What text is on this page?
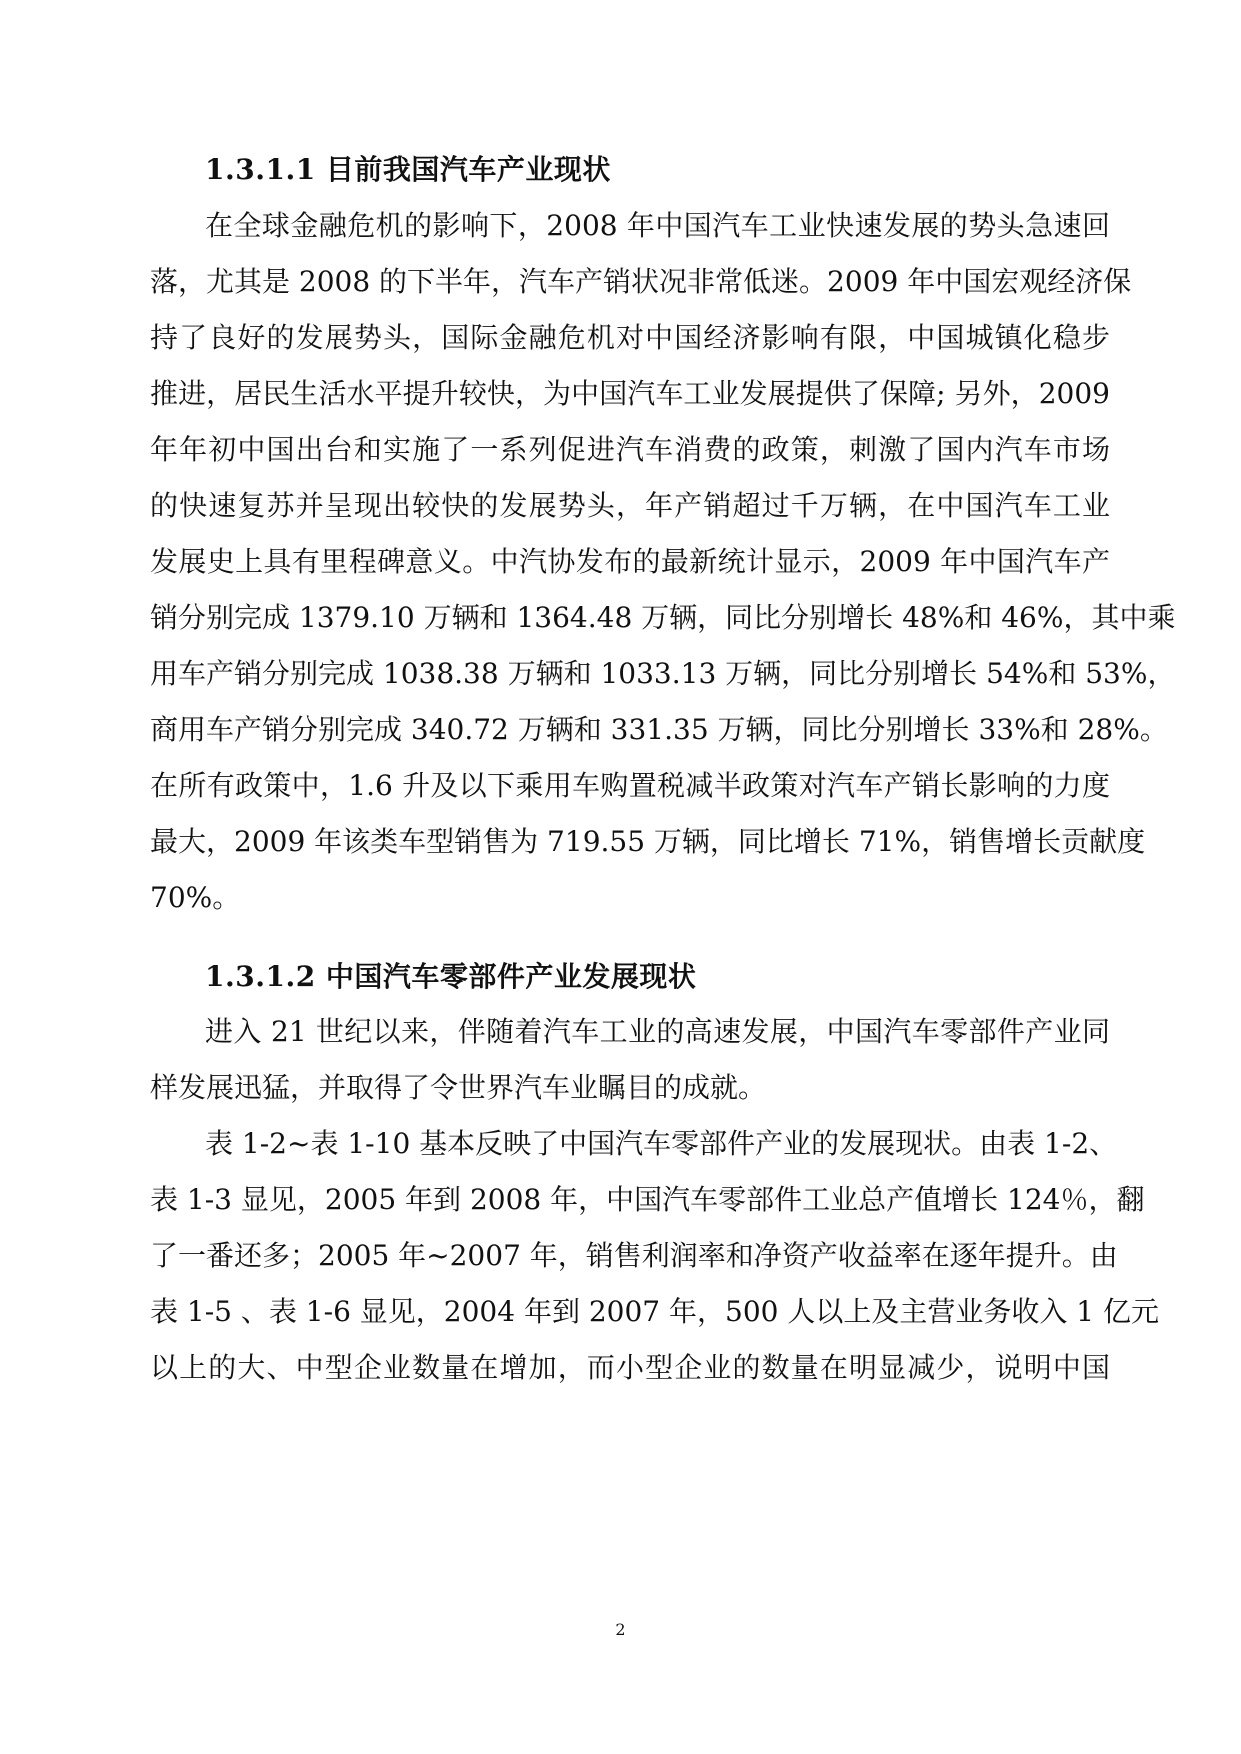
1.3.1.1 目前我国汽车产业现状
在全球金融危机的影响下，2008 年中国汽车工业快速发展的势头急速回
落，尤其是 2008 的下半年，汽车产销状况非常低迷。2009 年中国宏观经济保
持了良好的发展势头，国际金融危机对中国经济影响有限，中国城镇化稳步
推进，居民生活水平提升较快，为中国汽车工业发展提供了保障; 另外，2009
年年初中国出台和实施了一系列促进汽车消费的政策，刺激了国内汽车市场
的快速复苏并呈现出较快的发展势头，年产销超过千万辆，在中国汽车工业
发展史上具有里程碑意义。中汽协发布的最新统计显示，2009 年中国汽车产
销分别完成 1379.10 万辆和 1364.48 万辆，同比分别增长 48%和 46%，其中乘
用车产销分别完成 1038.38 万辆和 1033.13 万辆，同比分别增长 54%和 53%，
商用车产销分别完成 340.72 万辆和 331.35 万辆，同比分别增长 33%和 28%。
在所有政策中，1.6 升及以下乘用车购置税减半政策对汽车产销长影响的力度
最大，2009 年该类车型销售为 719.55 万辆，同比增长 71%，销售增长贡献度
70%。
1.3.1.2 中国汽车零部件产业发展现状
进入 21 世纪以来，伴随着汽车工业的高速发展，中国汽车零部件产业同
样发展迅猛，并取得了令世界汽车业瞩目的成就。
表 1-2~表 1-10 基本反映了中国汽车零部件产业的发展现状。由表 1-2、
表 1-3 显见，2005 年到 2008 年，中国汽车零部件工业总产值增长 124％，翻
了一番还多；2005 年~2007 年，销售利润率和净资产收益率在逐年提升。由
表 1-5 、表 1-6 显见，2004 年到 2007 年，500 人以上及主营业务收入 1 亿元
以上的大、中型企业数量在增加，而小型企业的数量在明显减少，说明中国
2
